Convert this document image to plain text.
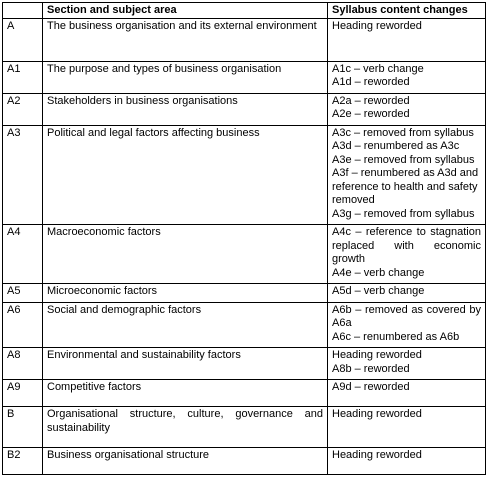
	Section and subject area	Syllabus content changes
A	The business organisation and its external environment	Heading reworded

A1	The purpose and types of business organisation	A1c – verb change
A1d – reworded

A2	Stakeholders in business organisations	A2a – reworded
A2e – reworded

A3	Political and legal factors affecting business	A3c – removed from syllabus
A3d – renumbered as A3c
A3e – removed from syllabus
A3f – renumbered as A3d and reference to health and safety removed
A3g – removed from syllabus

A4	Macroeconomic factors	A4c – reference to stagnation replaced with economic growth
A4e – verb change

A5	Microeconomic factors	A5d – verb change

A6	Social and demographic factors	A6b – removed as covered by A6a
A6c – renumbered as A6b

A8	Environmental and sustainability factors	Heading reworded
A8b – reworded

A9	Competitive factors	A9d – reworded

B	Organisational structure, culture, governance and sustainability	Heading reworded

B2	Business organisational structure	Heading reworded
